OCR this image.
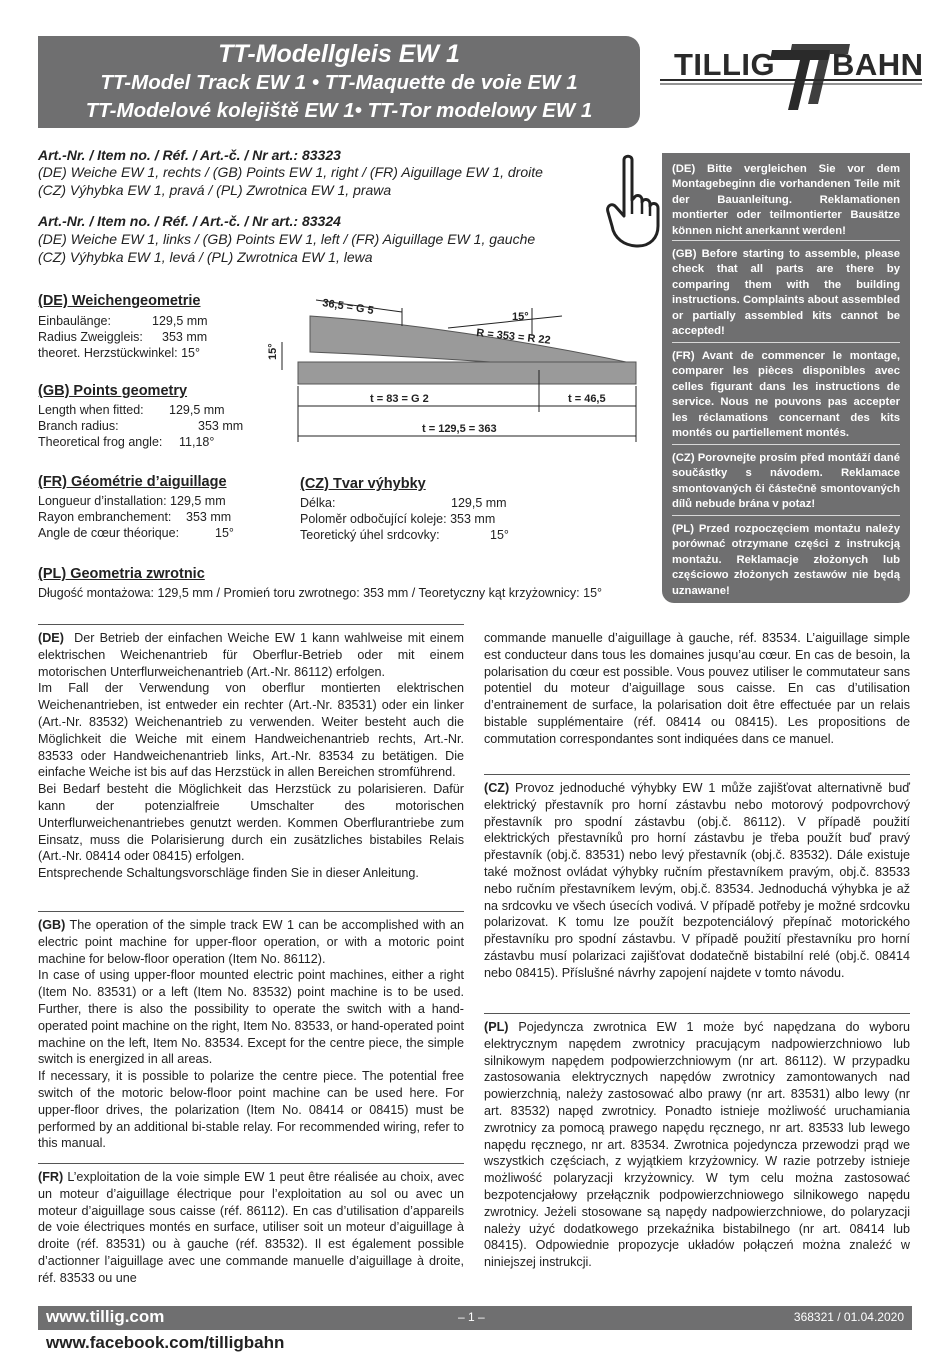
TT-Modellgleis EW 1
TT-Model Track EW 1 • TT-Maquette de voie EW 1
TT-Modelové kolejiště EW 1• TT-Tor modelowy EW 1
TILLIG BAHN
Art.-Nr. / Item no. / Réf. / Art.-č. / Nr art.: 83323
(DE) Weiche EW 1, rechts / (GB) Points EW 1, right / (FR) Aiguillage EW 1, droite
(CZ) Výhybka EW 1, pravá / (PL) Zwrotnica EW 1, prawa
Art.-Nr. / Item no. / Réf. / Art.-č. / Nr art.: 83324
(DE) Weiche EW 1, links / (GB) Points EW 1, left / (FR) Aiguillage EW 1, gauche
(CZ) Výhybka EW 1, levá / (PL) Zwrotnica EW 1, lewa
(DE) Weichengeometrie
Einbaulänge:	129,5 mm
Radius Zweiggleis: 353 mm
theoret. Herzstückwinkel: 15°
(GB) Points geometry
Length when fitted: 129,5 mm
Branch radius:	353 mm
Theoretical frog angle: 11,18°
(FR) Géométrie d’aiguillage
Longueur d’installation: 129,5 mm
Rayon embranchement: 353 mm
Angle de cœur théorique:	15°
(CZ) Tvar výhybky
Délka:	129,5 mm
Poloměr odbočující koleje: 353 mm
Teoretický úhel srdcovky:	15°
(PL) Geometria zwrotnic
Długość montażowa: 129,5 mm / Promień toru zwrotnego: 353 mm / Teoretyczny kąt krzyżownicy: 15°
36,5 = G 5	15°
R = 353 = R 22
15°
t = 83 = G 2	t = 46,5
t = 129,5 = 363
(DE) Bitte vergleichen Sie vor dem Montagebeginn die vorhandenen Teile mit der Bauanleitung. Reklamationen montierter oder teilmontierter Bausätze können nicht anerkannt werden!
(GB) Before starting to assemble, please check that all parts are there by comparing them with the building instructions. Complaints about assembled or partially assembled kits cannot be accepted!
(FR) Avant de commencer le montage, comparer les pièces disponibles avec celles figurant dans les instructions de service. Nous ne pouvons pas accepter les réclamations concernant des kits montés ou partiellement montés.
(CZ) Porovnejte prosím před montáží dané součástky s návodem. Reklamace smontovaných či částečně smontovaných dílů nebude brána v potaz!
(PL) Przed rozpoczęciem montażu należy porównać otrzymane części z instrukcją montażu. Reklamacje złożonych lub częściowo złożonych zestawów nie będą uznawane!

(DE) Der Betrieb der einfachen Weiche EW 1 kann wahlweise mit einem elektrischen Weichenantrieb für Oberflur-Betrieb oder mit einem motorischen Unterflurweichenantrieb (Art.-Nr. 86112) erfolgen.

Im Fall der Verwendung von oberflur montierten elektrischen Weichenantrieben, ist entweder ein rechter (Art.-Nr. 83531) oder ein linker (Art.-Nr. 83532) Weichenantrieb zu verwenden. Weiter besteht auch die Möglichkeit die Weiche mit einem Handweichenantrieb rechts, Art.-Nr. 83533 oder Handweichenantrieb links, Art.-Nr. 83534 zu betätigen. Die einfache Weiche ist bis auf das Herzstück in allen Bereichen stromführend.

Bei Bedarf besteht die Möglichkeit das Herzstück zu polarisieren. Dafür kann der potenzialfreie Umschalter des motorischen Unterflurweichenantriebes genutzt werden. Kommen Oberflurantriebe zum Einsatz, muss die Polarisierung durch ein zusätzliches bistabiles Relais (Art.-Nr. 08414 oder 08415) erfolgen.

Entsprechende Schaltungsvorschläge finden Sie in dieser Anleitung.

(GB) The operation of the simple track EW 1 can be accomplished with an electric point machine for upper-floor operation, or with a motoric point machine for below-floor operation (Item No. 86112).

In case of using upper-floor mounted electric point machines, either a right (Item No. 83531) or a left (Item No. 83532) point machine is to be used. Further, there is also the possibility to operate the switch with a hand-operated point machine on the right, Item No. 83533, or hand-operated point machine on the left, Item No. 83534. Except for the centre piece, the simple switch is energized in all areas.

If necessary, it is possible to polarize the centre piece. The potential free switch of the motoric below-floor point machine can be used here. For upper-floor drives, the polarization (Item No. 08414 or 08415) must be performed by an additional bi-stable relay. For recommended wiring, refer to this manual.

(FR) L’exploitation de la voie simple EW 1 peut être réalisée au choix, avec un moteur d’aiguillage électrique pour l’exploitation au sol ou avec un moteur d’aiguillage sous caisse (réf. 86112). En cas d’utilisation d’appareils de voie électriques montés en surface, utiliser soit un moteur d’aiguillage à droite (réf. 83531) ou à gauche (réf. 83532). Il est également possible d’actionner l’aiguillage avec une commande manuelle d’aiguillage à droite, réf. 83533 ou une

commande manuelle d’aiguillage à gauche, réf. 83534. L’aiguillage simple est conducteur dans tous les domaines jusqu’au cœur. En cas de besoin, la polarisation du cœur est possible. Vous pouvez utiliser le commutateur sans potentiel du moteur d’aiguillage sous caisse. En cas d’utilisation d’entrainement de surface, la polarisation doit être effectuée par un relais bistable supplémentaire (réf. 08414 ou 08415). Les propositions de commutation correspondantes sont indiquées dans ce manuel.

(CZ) Provoz jednoduché výhybky EW 1 může zajišťovat alternativně buď elektrický přestavník pro horní zástavbu nebo motorový podpovrchový přestavník pro spodní zástavbu (obj.č. 86112). V případě použití elektrických přestavníků pro horní zástavbu je třeba použít buď pravý přestavník (obj.č. 83531) nebo levý přestavník (obj.č. 83532). Dále existuje také možnost ovládat výhybky ručním přestavníkem pravým, obj.č. 83533 nebo ručním přestavníkem levým, obj.č. 83534. Jednoduchá výhybka je až na srdcovku ve všech úsecích vodivá. V případě potřeby je možné srdcovku polarizovat. K tomu lze použít bezpotenciálový přepínač motorického přestavníku pro spodní zástavbu. V případě použití přestavníku pro horní zástavbu musí polarizaci zajišťovat dodatečně bistabilní relé (obj.č. 08414 nebo 08415). Příslušné návrhy zapojení najdete v tomto návodu.

(PL) Pojedyncza zwrotnica EW 1 może być napędzana do wyboru elektrycznym napędem zwrotnicy pracującym nadpowierzchniowo lub silnikowym napędem podpowierzchniowym (nr art. 86112). W przypadku zastosowania elektrycznych napędów zwrotnicy zamontowanych nad powierzchnią, należy zastosować albo prawy (nr art. 83531) albo lewy (nr art. 83532) napęd zwrotnicy. Ponadto istnieje możliwość uruchamiania zwrotnicy za pomocą prawego napędu ręcznego, nr art. 83533 lub lewego napędu ręcznego, nr art. 83534. Zwrotnica pojedyncza przewodzi prąd we wszystkich częściach, z wyjątkiem krzyżownicy. W razie potrzeby istnieje możliwość polaryzacji krzyżownicy. W tym celu można zastosować bezpotencjałowy przełącznik podpowierzchniowego silnikowego napędu zwrotnicy. Jeżeli stosowane są napędy nadpowierzchniowe, do polaryzacji należy użyć dodatkowego przekaźnika bistabilnego (nr art. 08414 lub 08415). Odpowiednie propozycje układów połączeń można znaleźć w niniejszej instrukcji.

www.tillig.com	– 1 –	368321 / 01.04.2020
www.facebook.com/tilligbahn
